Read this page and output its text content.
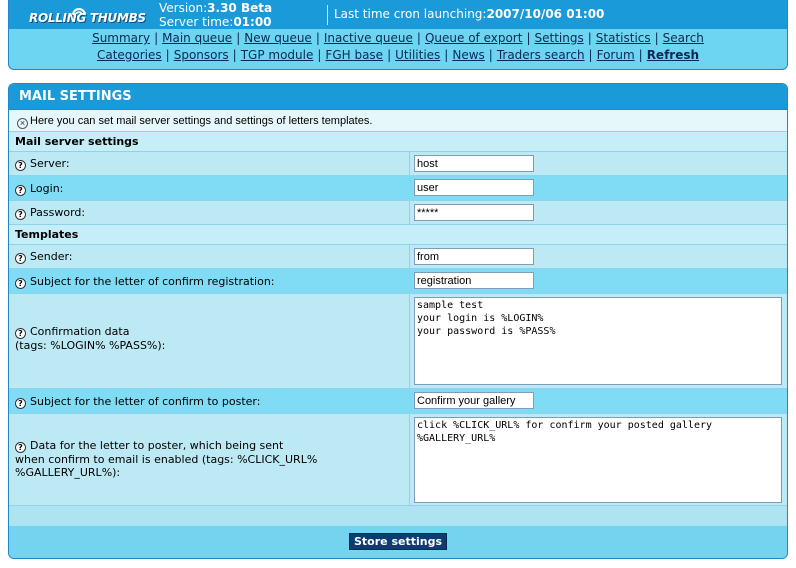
ROLLING THUMBS
Version:3.30 Beta
Server time:01:00
Last time cron launching:2007/10/06 01:00
Summary | Main queue | New queue | Inactive queue | Queue of export | Settings | Statistics | Search
Categories | Sponsors | TGP module | FGH base | Utilities | News | Traders search | Forum | Refresh
MAIL SETTINGS
× Here you can set mail server settings and settings of letters templates.
Mail server settings
? Server:
host
? Login:
user
? Password:
*****
Templates
? Sender:
from
? Subject for the letter of confirm registration:
registration
? Confirmation data
(tags: %LOGIN% %PASS%):
sample test your login is %LOGIN% your password is %PASS%
? Subject for the letter of confirm to poster:
Confirm your gallery
? Data for the letter to poster, which being sent
when confirm to email is enabled (tags: %CLICK_URL%
%GALLERY_URL%):
click %CLICK_URL% for confirm your posted gallery %GALLERY_URL%
Store settings
